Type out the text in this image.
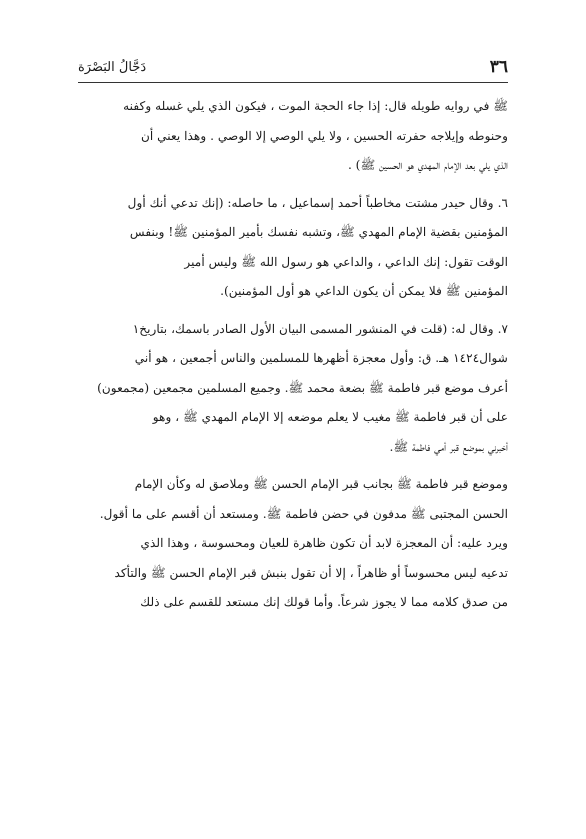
٣٦
دَجَّالُ البَصْرَة

ﷺ في روايه طويله قال: إذا جاء الحجة الموت ، فيكون الذي يلي غسله وكفنه
وحنوطه وإيلاجه حفرته الحسين ، ولا يلي الوصي إلا الوصي . وهذا يعني أن
الذي يلي بعد الإمام المهدي هو الحسين ﷺ) .

٦. وقال حيدر مشتت مخاطباً أحمد إسماعيل ، ما حاصله: (إنك تدعي أنك أول
المؤمنين بقضية الإمام المهدي ﷺ، وتشبه نفسك بأمير المؤمنين ﷺ! وبنفس
الوقت تقول: إنك الداعي ، والداعي هو رسول الله ﷺ وليس أمير
المؤمنين ﷺ فلا يمكن أن يكون الداعي هو أول المؤمنين).

٧. وقال له: (قلت في المنشور المسمى البيان الأول الصادر باسمك، بتاريخ١
شوال١٤٢٤ هـ. ق: وأول معجزة أظهرها للمسلمين والناس أجمعين ، هو أني
أعرف موضع قبر فاطمة ﷺ بضعة محمد ﷺ. وجميع المسلمين مجمعين (مجمعون)
على أن قبر فاطمة ﷺ مغيب لا يعلم موضعه إلا الإمام المهدي ﷺ ، وهو
أخبرني بموضع قبر أمي فاطمة ﷺ.

وموضع قبر فاطمة ﷺ بجانب قبر الإمام الحسن ﷺ وملاصق له وكأن الإمام
الحسن المجتبى ﷺ مدفون في حضن فاطمة ﷺ. ومستعد أن أقسم على ما أقول.
ويرد عليه: أن المعجزة لابد أن تكون ظاهرة للعيان ومحسوسة ، وهذا الذي
تدعيه ليس محسوساً أو ظاهراً ، إلا أن تقول بنبش قبر الإمام الحسن ﷺ والتأكد
من صدق كلامه مما لا يجوز شرعاً. وأما قولك إنك مستعد للقسم على ذلك
